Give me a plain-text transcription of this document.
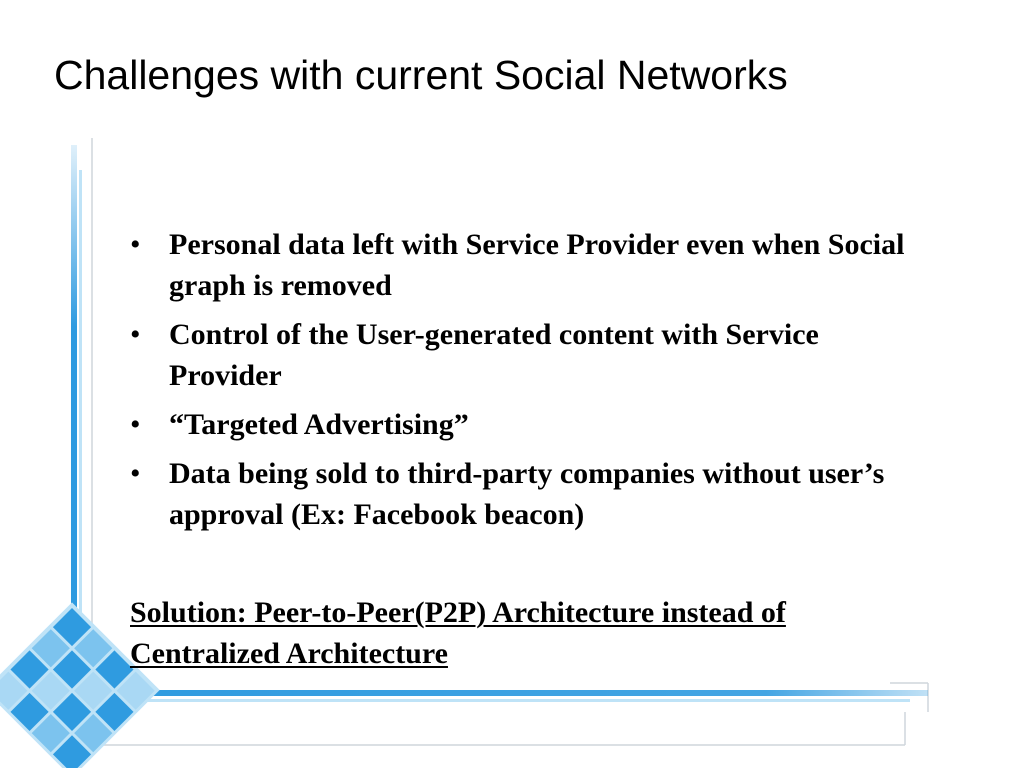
Challenges with current Social Networks
• Personal data left with Service Provider even when Social graph is removed
• Control of the User-generated content with Service Provider
• “Targeted Advertising”
• Data being sold to third-party companies without user’s approval (Ex: Facebook beacon)

Solution: Peer-to-Peer(P2P) Architecture instead of Centralized Architecture
